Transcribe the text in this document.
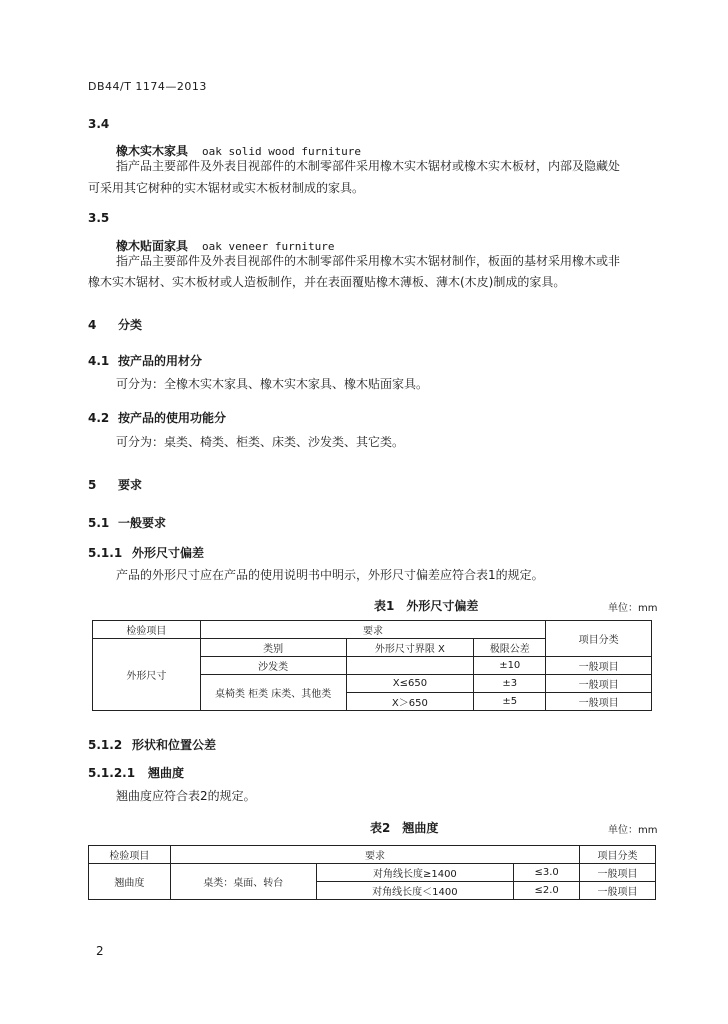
DB44/T 1174—2013
3.4
橡木实木家具 oak solid wood furniture
指产品主要部件及外表目视部件的木制零部件采用橡木实木锯材或橡木实木板材，内部及隐藏处
可采用其它树种的实木锯材或实木板材制成的家具。
3.5
橡木贴面家具 oak veneer furniture
指产品主要部件及外表目视部件的木制零部件采用橡木实木锯材制作，板面的基材采用橡木或非
橡木实木锯材、实木板材或人造板制作，并在表面覆贴橡木薄板、薄木(木皮)制成的家具。
4 分类
4.1 按产品的用材分
可分为：全橡木实木家具、橡木实木家具、橡木贴面家具。
4.2 按产品的使用功能分
可分为：桌类、椅类、柜类、床类、沙发类、其它类。
5 要求
5.1 一般要求
5.1.1 外形尺寸偏差
产品的外形尺寸应在产品的使用说明书中明示，外形尺寸偏差应符合表1的规定。
表1　外形尺寸偏差	单位：mm
检验项目	要求			项目分类
外形尺寸	类别	外形尺寸界限 X	极限公差	
	沙发类		±10	一般项目
	桌椅类 柜类 床类、其他类	X≤650	±3	一般项目
		X＞650	±5	一般项目
5.1.2 形状和位置公差
5.1.2.1 翘曲度
翘曲度应符合表2的规定。
表2　翘曲度	单位：mm
检验项目	要求			项目分类
翘曲度	桌类：桌面、转台	对角线长度≥1400	≤3.0	一般项目
		对角线长度＜1400	≤2.0	一般项目
2
